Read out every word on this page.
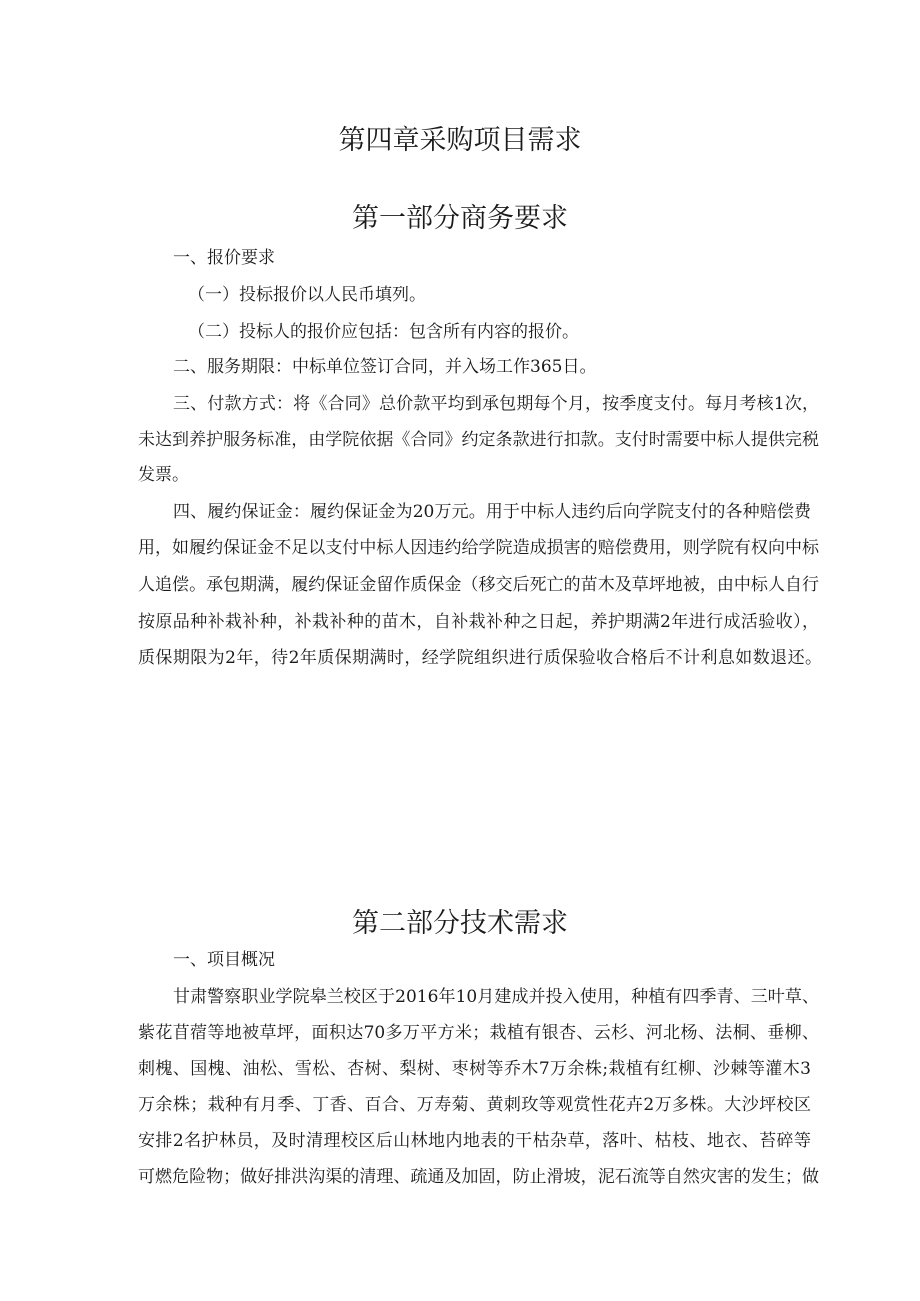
第四章采购项目需求
第一部分商务要求
一、报价要求
（一）投标报价以人民币填列。
（二）投标人的报价应包括：包含所有内容的报价。
二、服务期限：中标单位签订合同，并入场工作365日。
三、付款方式：将《合同》总价款平均到承包期每个月，按季度支付。每月考核1次，
未达到养护服务标准，由学院依据《合同》约定条款进行扣款。支付时需要中标人提供完税
发票。
四、履约保证金：履约保证金为20万元。用于中标人违约后向学院支付的各种赔偿费
用，如履约保证金不足以支付中标人因违约给学院造成损害的赔偿费用，则学院有权向中标
人追偿。承包期满，履约保证金留作质保金（移交后死亡的苗木及草坪地被，由中标人自行
按原品种补栽补种，补栽补种的苗木，自补栽补种之日起，养护期满2年进行成活验收），
质保期限为2年，待2年质保期满时，经学院组织进行质保验收合格后不计利息如数退还。
第二部分技术需求
一、项目概况
甘肃警察职业学院皋兰校区于2016年10月建成并投入使用，种植有四季青、三叶草、
紫花苜蓿等地被草坪，面积达70多万平方米；栽植有银杏、云杉、河北杨、法桐、垂柳、
刺槐、国槐、油松、雪松、杏树、梨树、枣树等乔木7万余株;栽植有红柳、沙棘等灌木3
万余株；栽种有月季、丁香、百合、万寿菊、黄刺玫等观赏性花卉2万多株。大沙坪校区
安排2名护林员，及时清理校区后山林地内地表的干枯杂草，落叶、枯枝、地衣、苔碎等
可燃危险物；做好排洪沟渠的清理、疏通及加固，防止滑坡，泥石流等自然灾害的发生；做
